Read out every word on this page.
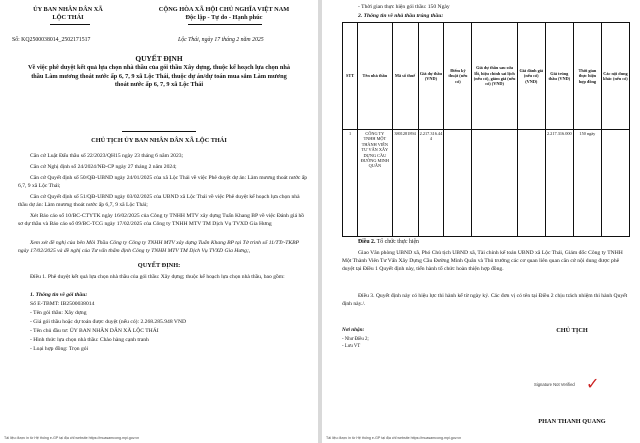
ỦY BAN NHÂN DÂN XÃ
LỘC THÁI
CỘNG HÒA XÃ HỘI CHỦ NGHĨA VIỆT NAM
Độc lập - Tự do - Hạnh phúc
Số: KQ2500038014_2502171517	Lộc Thái, ngày 17 tháng 2 năm 2025
QUYẾT ĐỊNH
Về việc phê duyệt kết quả lựa chọn nhà thầu của gói thầu Xây dựng, thuộc kế hoạch lựa chọn nhà thầu Làm mương thoát nước ấp 6, 7, 9 xã Lộc Thái, thuộc dự án/dự toán mua sắm Làm mương thoát nước ấp 6, 7, 9 xã Lộc Thái
CHỦ TỊCH ỦY BAN NHÂN DÂN XÃ LỘC THÁI
Căn cứ Luật Đấu thầu số 22/2023/QH15 ngày 23 tháng 6 năm 2023;
Căn cứ Nghị định số 24/2024/NĐ-CP ngày 27 tháng 2 năm 2024;
Căn cứ Quyết định số 50/QĐ-UBND ngày 24/01/2025 của xã Lộc Thái về việc Phê duyệt dự án: Làm mương thoát nước ấp 6,7, 9 xã Lộc Thái;
Căn cứ Quyết định số 51/QĐ-UBND ngày 03/02/2025 của UBND xã Lộc Thái về việc Phê duyệt kế hoạch lựa chọn nhà thầu dự án: Làm mương thoát nước ấp 6,7, 9 xã Lộc Thái;
Xét Báo cáo số 10/BC-CTYTK ngày 16/02/2025 của Công ty TNHH MTV xây dựng Tuấn Khang BP về việc Đánh giá hồ sơ dự thầu và Báo cáo số 09/BC-TCG ngày 17/02/2025 của Công ty TNHH MTV TM Dịch Vụ TVXD Gia Hưng
Xem xét đề nghị của bên Môi Thầu Công ty Công ty TNHH MTV xây dựng Tuấn Khang BP tại Tờ trình số 11/TTr-TKBP ngày 17/02/2025 và đề nghị của Tư vấn thẩm định Công ty TNHH MTV TM Dịch Vụ TVXD Gia Hưng;,
QUYẾT ĐỊNH:
Điều 1. Phê duyệt kết quả lựa chọn nhà thầu của gói thầu: Xây dựng; thuộc kế hoạch lựa chọn nhà thầu, bao gồm:
1. Thông tin về gói thầu:
Số E-TBMT: IB2500038014
- Tên gói thầu: Xây dựng
- Giá gói thầu hoặc dự toán được duyệt (nếu có): 2.268.285.948 VND
- Tên chủ đầu tư: ỦY BAN NHÂN DÂN XÃ LỘC THÁI
- Hình thức lựa chọn nhà thầu: Chào hàng cạnh tranh
- Loại hợp đồng: Trọn gói
Tài liệu được in từ Hệ thống e-GP tại địa chỉ website https://muasamcong.mpi.gov.vn
- Thời gian thực hiện gói thầu: 150 Ngày
2. Thông tin về nhà thầu trúng thầu:
STT	Tên nhà thầu	Mã số thuế	Giá dự thầu (VND)	Điểm kỹ thuật (nếu có)	Giá dự thầu sau sửa lỗi, hiệu chỉnh sai lệch (nếu có), giảm giá (nếu có) (VND)	Giá đánh giá (nếu có) (VND)	Giá trúng thầu (VND)	Thời gian thực hiện hợp đồng	Các nội dung khác (nếu có)
1	CÔNG TY TNHH MỘT THÀNH VIÊN TƯ VẤN XÂY DỰNG CẦU ĐƯỜNG MINH QUÂN	3801281894	2.217.316.444				2.217.316.000	150 ngày	
Điều 2. Tổ chức thực hiện
Giao Văn phòng UBND xã, Phó Chủ tịch UBND xã, Tài chính kế toán UBND xã Lộc Thái, Giám đốc Công ty TNHH Một Thành Viên Tư Vấn Xây Dựng Cầu Đường Minh Quân và Thủ trưởng các cơ quan liên quan căn cứ nội dung được phê duyệt tại Điều 1 Quyết định này, tiến hành tổ chức hoàn thiện hợp đồng.
Điều 3. Quyết định này có hiệu lực thi hành kể từ ngày ký. Các đơn vị có tên tại Điều 2 chịu trách nhiệm thi hành Quyết định này./.
Nơi nhận:
- Như Điều 2;
- Lưu VT
CHỦ TỊCH
Signature Not Verified ✓
PHAN THANH QUANG
Tài liệu được in từ Hệ thống e-GP tại địa chỉ website https://muasamcong.mpi.gov.vn
